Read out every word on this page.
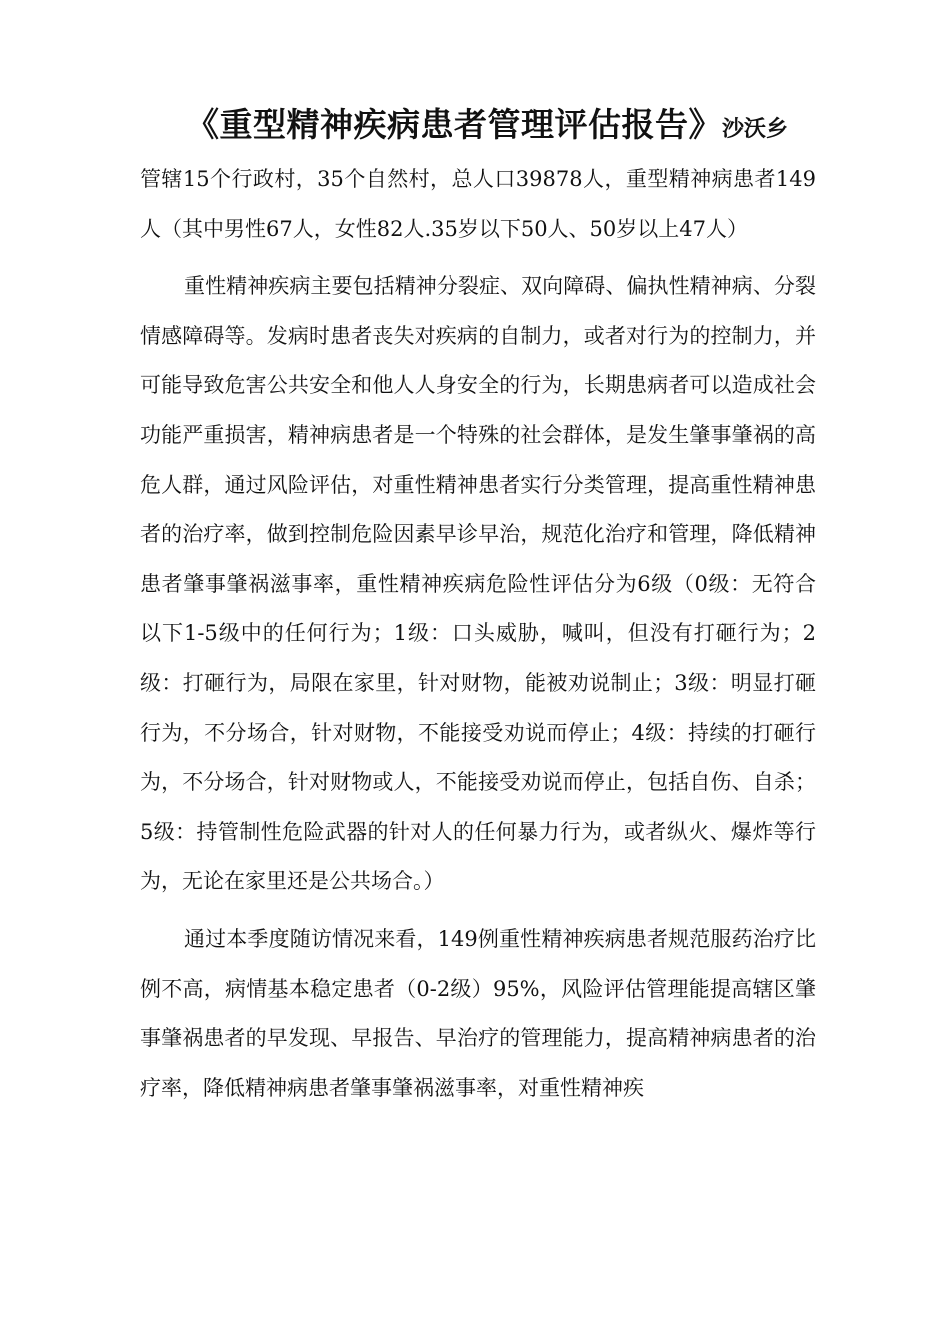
《重型精神疾病患者管理评估报告》沙沃乡

管辖15个行政村，35个自然村，总人口39878人，重型精神病患者149人（其中男性67人，女性82人.35岁以下50人、50岁以上47人）

重性精神疾病主要包括精神分裂症、双向障碍、偏执性精神病、分裂情感障碍等。发病时患者丧失对疾病的自制力，或者对行为的控制力，并可能导致危害公共安全和他人人身安全的行为，长期患病者可以造成社会功能严重损害，精神病患者是一个特殊的社会群体，是发生肇事肇祸的高危人群，通过风险评估，对重性精神患者实行分类管理，提高重性精神患者的治疗率，做到控制危险因素早诊早治，规范化治疗和管理，降低精神患者肇事肇祸滋事率，重性精神疾病危险性评估分为6级（0级：无符合以下1-5级中的任何行为；1级：口头威胁，喊叫，但没有打砸行为；2级：打砸行为，局限在家里，针对财物，能被劝说制止；3级：明显打砸行为，不分场合，针对财物，不能接受劝说而停止；4级：持续的打砸行为，不分场合，针对财物或人，不能接受劝说而停止，包括自伤、自杀；5级：持管制性危险武器的针对人的任何暴力行为，或者纵火、爆炸等行为，无论在家里还是公共场合。）

通过本季度随访情况来看，149例重性精神疾病患者规范服药治疗比例不高，病情基本稳定患者（0-2级）95%，风险评估管理能提高辖区肇事肇祸患者的早发现、早报告、早治疗的管理能力，提高精神病患者的治疗率，降低精神病患者肇事肇祸滋事率，对重性精神疾
